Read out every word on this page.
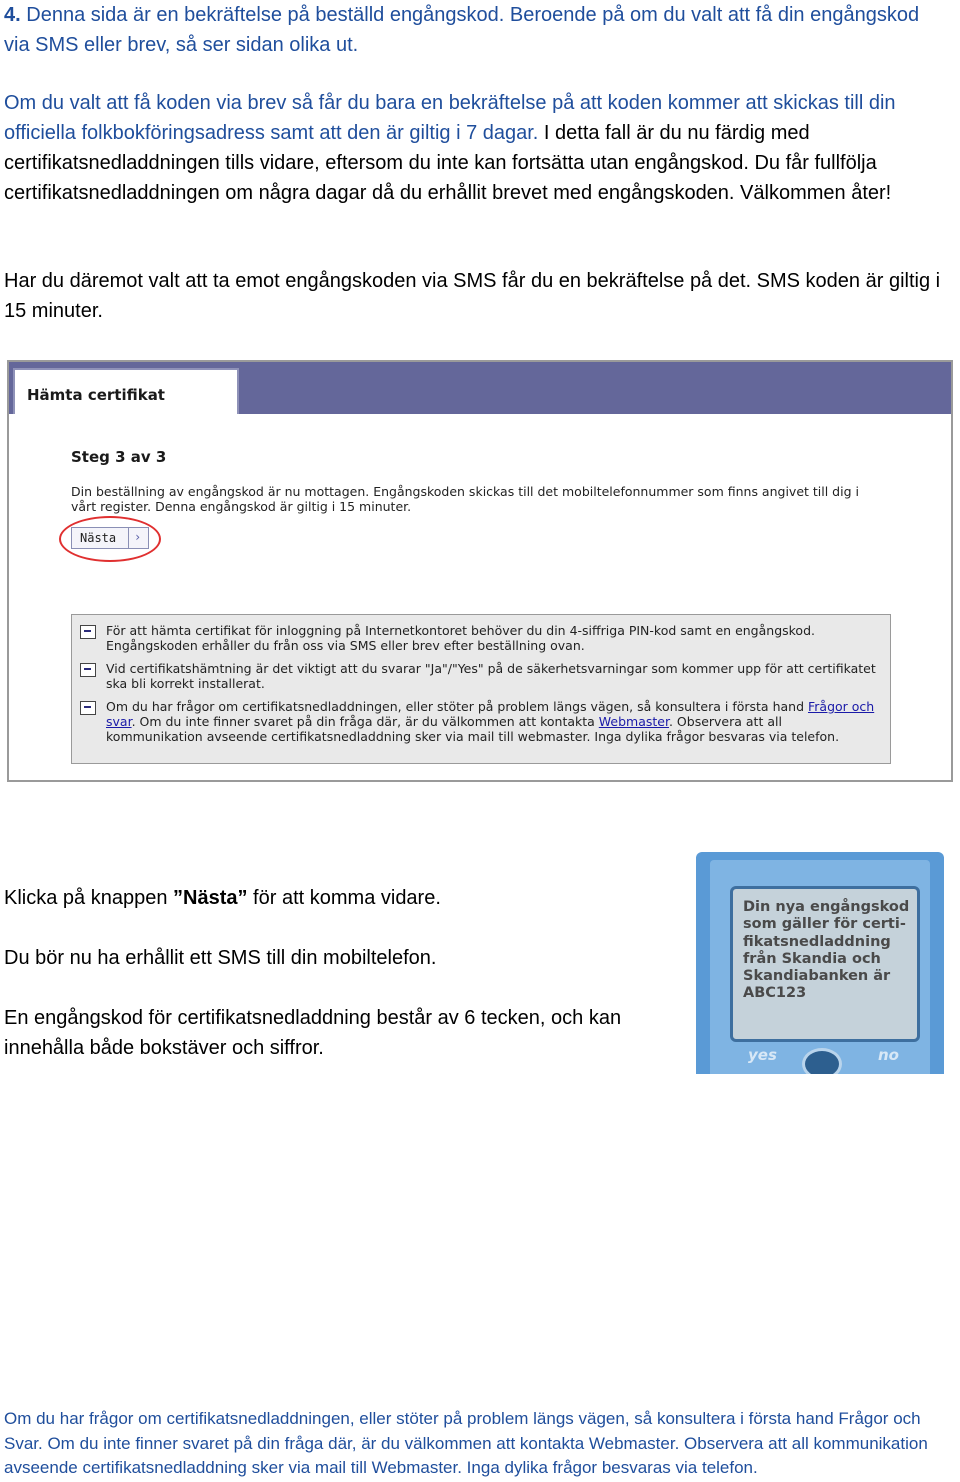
4. Denna sida är en bekräftelse på beställd engångskod. Beroende på om du valt att få din engångskod via SMS eller brev, så ser sidan olika ut.

Om du valt att få koden via brev så får du bara en bekräftelse på att koden kommer att skickas till din officiella folkbokföringsadress samt att den är giltig i 7 dagar. I detta fall är du nu färdig med certifikatsnedladdningen tills vidare, eftersom du inte kan fortsätta utan engångskod. Du får fullfölja certifikatsnedladdningen om några dagar då du erhållit brevet med engångskoden. Välkommen åter!

Har du däremot valt att ta emot engångskoden via SMS får du en bekräftelse på det. SMS koden är giltig i 15 minuter.

Hämta certifikat
Steg 3 av 3
Din beställning av engångskod är nu mottagen. Engångskoden skickas till det mobiltelefonnummer som finns angivet till dig i vårt register. Denna engångskod är giltig i 15 minuter.
Nästa ›
För att hämta certifikat för inloggning på Internetkontoret behöver du din 4-siffriga PIN-kod samt en engångskod. Engångskoden erhåller du från oss via SMS eller brev efter beställning ovan.
Vid certifikatshämtning är det viktigt att du svarar "Ja"/"Yes" på de säkerhetsvarningar som kommer upp för att certifikatet ska bli korrekt installerat.
Om du har frågor om certifikatsnedladdningen, eller stöter på problem längs vägen, så konsultera i första hand Frågor och svar. Om du inte finner svaret på din fråga där, är du välkommen att kontakta Webmaster. Observera att all kommunikation avseende certifikatsnedladdning sker via mail till webmaster. Inga dylika frågor besvaras via telefon.

Klicka på knappen ”Nästa” för att komma vidare.

Du bör nu ha erhållit ett SMS till din mobiltelefon.

En engångskod för certifikatsnedladdning består av 6 tecken, och kan innehålla både bokstäver och siffror.

Din nya engångskod som gäller för certi-fikatsnedladdning från Skandia och Skandiabanken är ABC123
yes	no

Om du har frågor om certifikatsnedladdningen, eller stöter på problem längs vägen, så konsultera i första hand Frågor och Svar. Om du inte finner svaret på din fråga där, är du välkommen att kontakta Webmaster. Observera att all kommunikation avseende certifikatsnedladdning sker via mail till Webmaster. Inga dylika frågor besvaras via telefon.
